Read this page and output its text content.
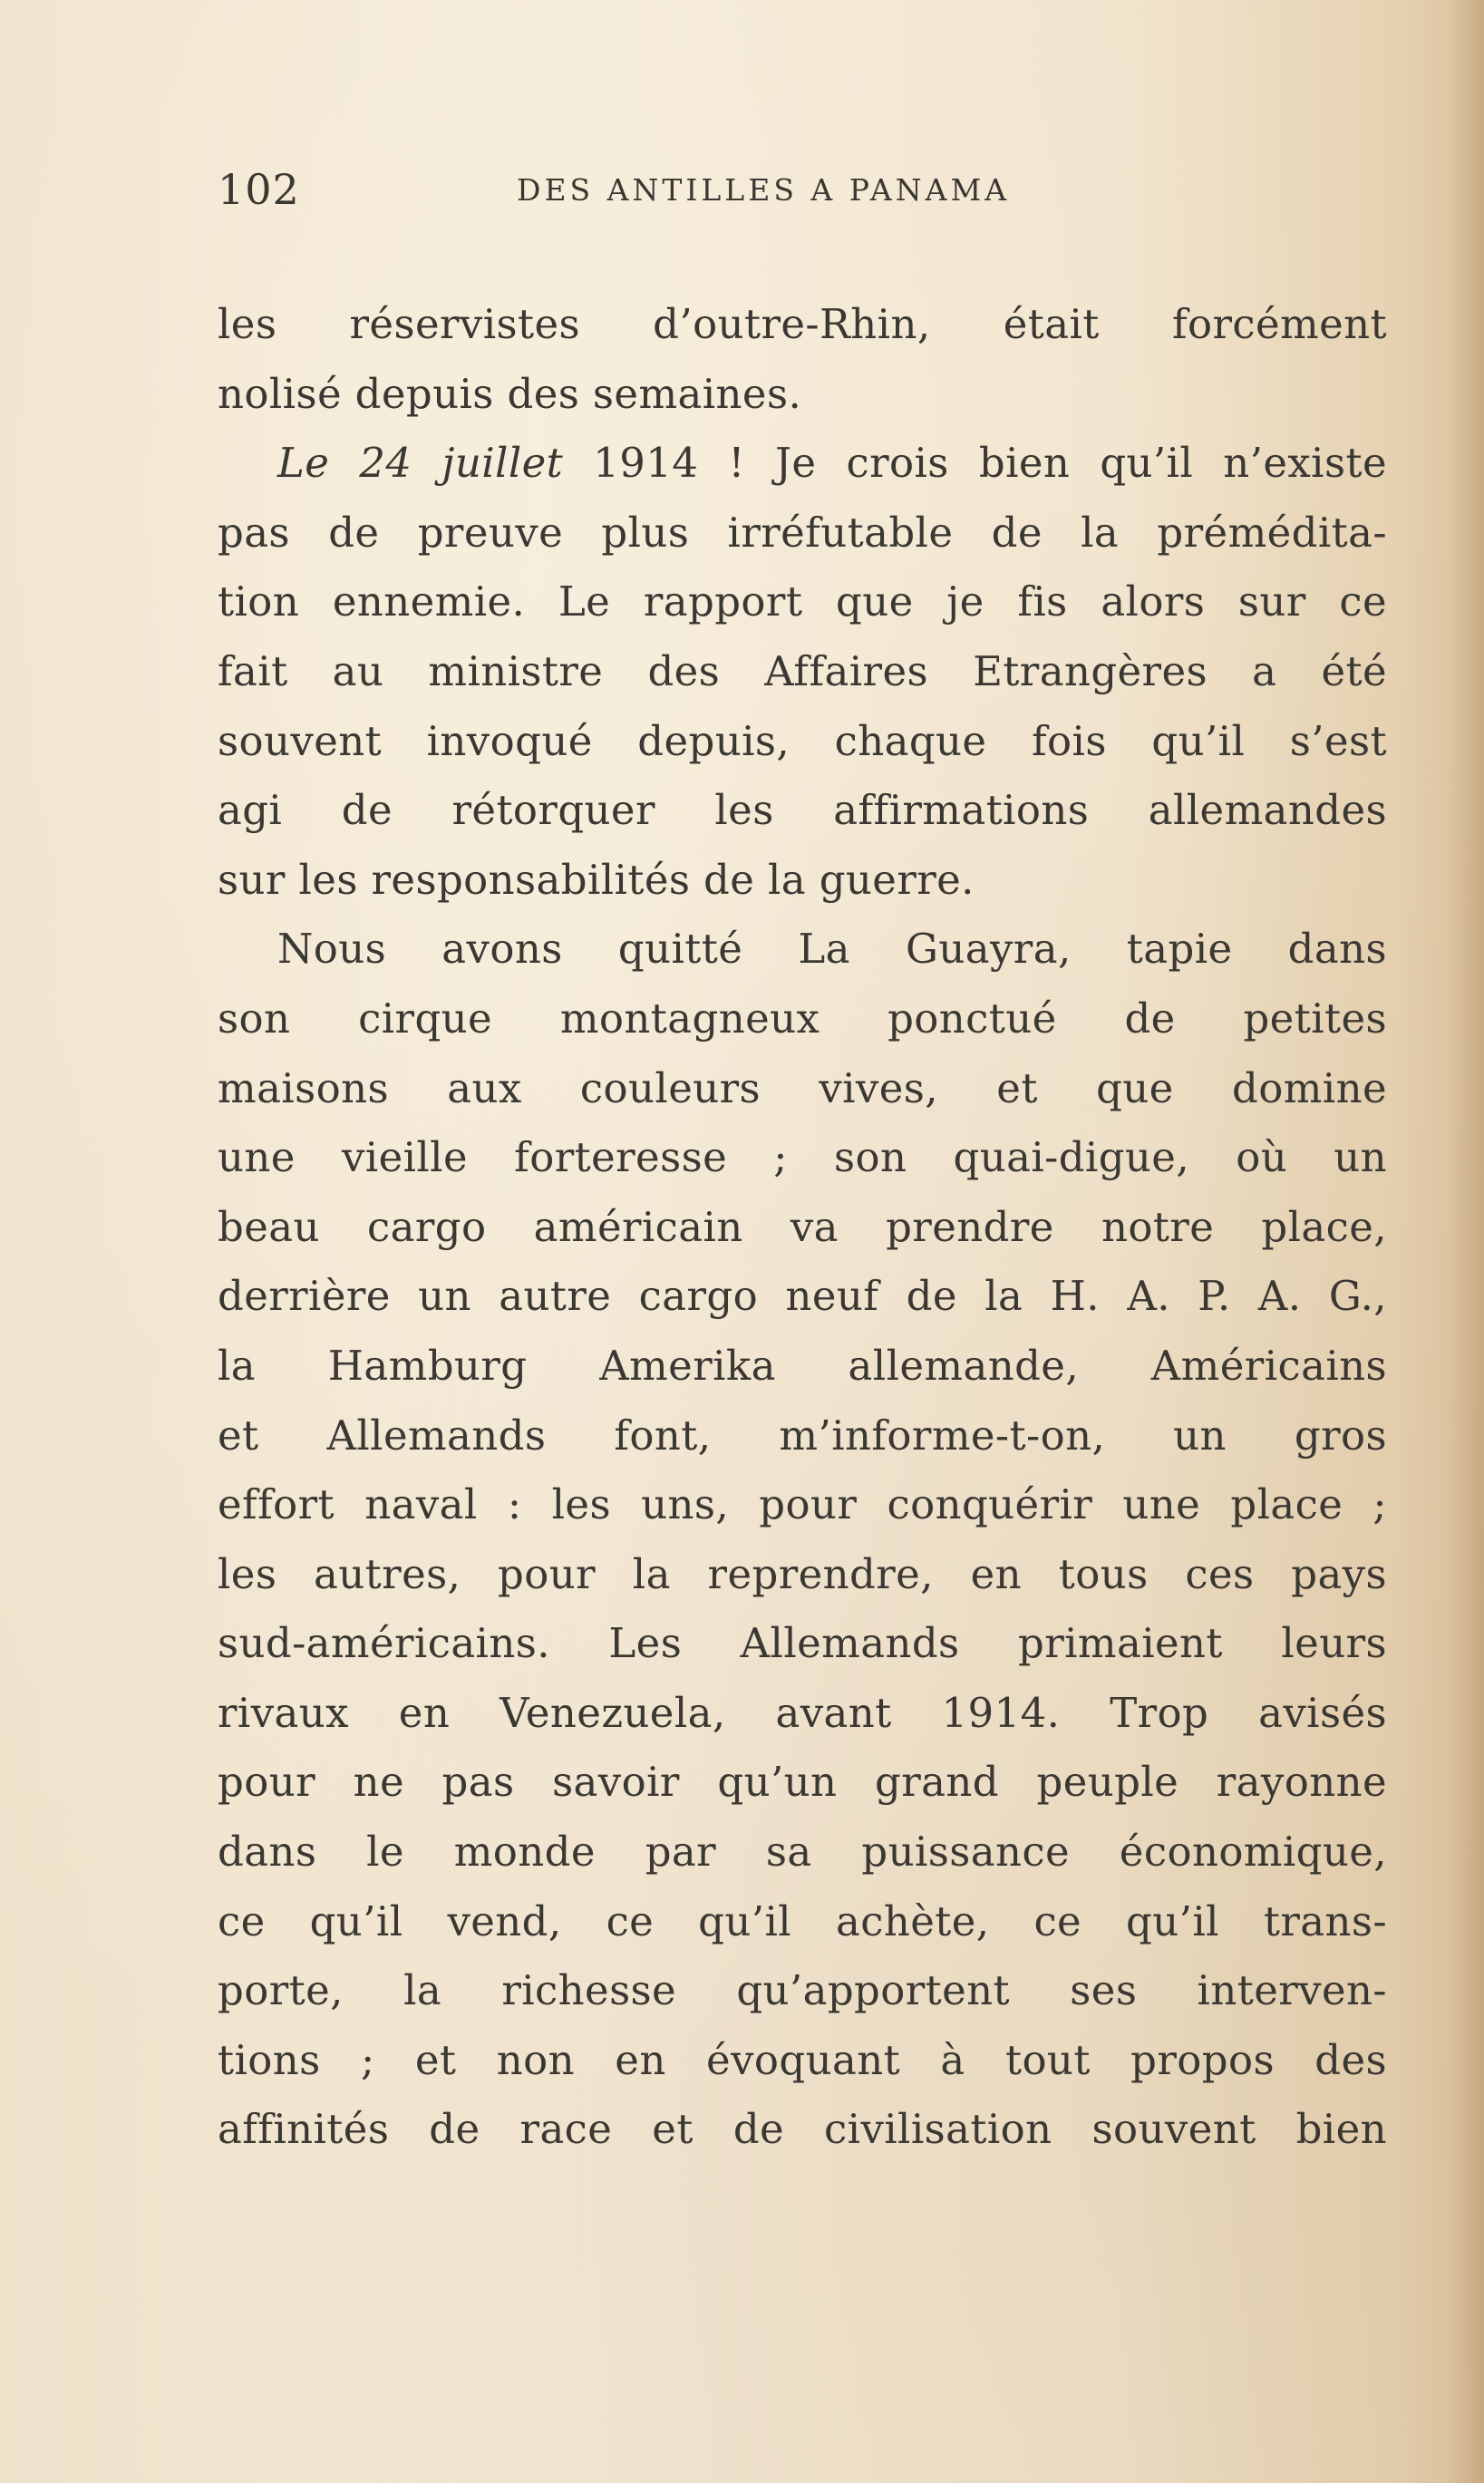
102	DES ANTILLES A PANAMA
les réservistes d’outre-Rhin, était forcément
nolisé depuis des semaines.
Le 24 juillet 1914 ! Je crois bien qu’il n’existe
pas de preuve plus irréfutable de la prémédita-
tion ennemie. Le rapport que je fis alors sur ce
fait au ministre des Affaires Etrangères a été
souvent invoqué depuis, chaque fois qu’il s’est
agi de rétorquer les affirmations allemandes
sur les responsabilités de la guerre.
Nous avons quitté La Guayra, tapie dans
son cirque montagneux ponctué de petites
maisons aux couleurs vives, et que domine
une vieille forteresse ; son quai-digue, où un
beau cargo américain va prendre notre place,
derrière un autre cargo neuf de la H. A. P. A. G.,
la Hamburg Amerika allemande, Américains
et Allemands font, m’informe-t-on, un gros
effort naval : les uns, pour conquérir une place ;
les autres, pour la reprendre, en tous ces pays
sud-américains. Les Allemands primaient leurs
rivaux en Venezuela, avant 1914. Trop avisés
pour ne pas savoir qu’un grand peuple rayonne
dans le monde par sa puissance économique,
ce qu’il vend, ce qu’il achète, ce qu’il trans-
porte, la richesse qu’apportent ses interven-
tions ; et non en évoquant à tout propos des
affinités de race et de civilisation souvent bien
